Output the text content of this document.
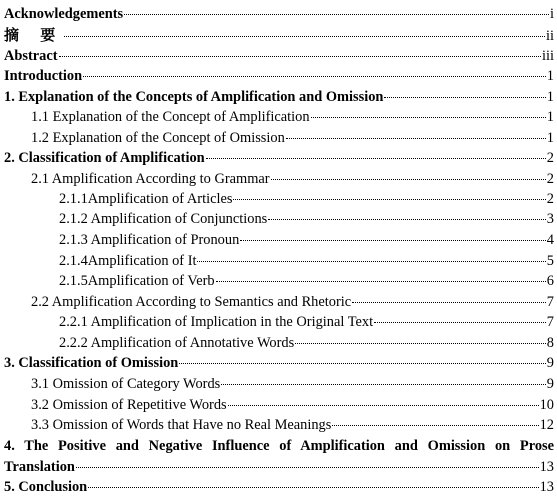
Acknowledgements	i
摘 要	ii
Abstract	iii
Introduction	1
1. Explanation of the Concepts of Amplification and Omission	1
1.1 Explanation of the Concept of Amplification	1
1.2 Explanation of the Concept of Omission	1
2. Classification of Amplification	2
2.1 Amplification According to Grammar	2
2.1.1Amplification of Articles	2
2.1.2 Amplification of Conjunctions	3
2.1.3 Amplification of Pronoun	4
2.1.4Amplification of It	5
2.1.5Amplification of Verb	6
2.2 Amplification According to Semantics and Rhetoric	7
2.2.1 Amplification of Implication in the Original Text	7
2.2.2 Amplification of Annotative Words	8
3. Classification of Omission	9
3.1 Omission of Category Words	9
3.2 Omission of Repetitive Words	10
3.3 Omission of Words that Have no Real Meanings	12
4. The Positive and Negative Influence of Amplification and Omission on Prose
Translation	13
5. Conclusion	13
